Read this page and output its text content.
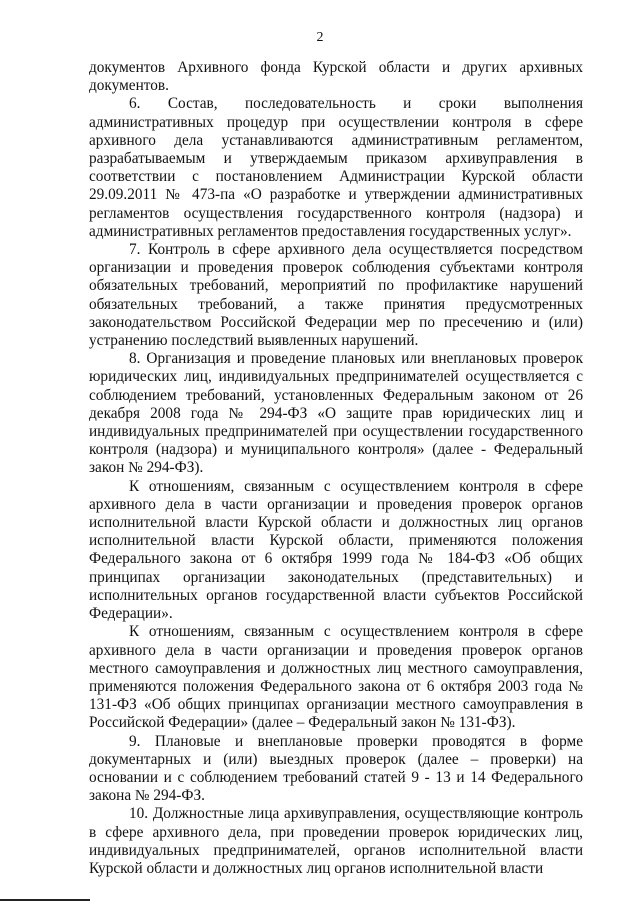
2

документов Архивного фонда Курской области и других архивных документов.

6. Состав, последовательность и сроки выполнения административных процедур при осуществлении контроля в сфере архивного дела устанавливаются административным регламентом, разрабатываемым и утверждаемым приказом архивуправления в соответствии с постановлением Администрации Курской области 29.09.2011 № 473-па «О разработке и утверждении административных регламентов осуществления государственного контроля (надзора) и административных регламентов предоставления государственных услуг».

7. Контроль в сфере архивного дела осуществляется посредством организации и проведения проверок соблюдения субъектами контроля обязательных требований, мероприятий по профилактике нарушений обязательных требований, а также принятия предусмотренных законодательством Российской Федерации мер по пресечению и (или) устранению последствий выявленных нарушений.

8. Организация и проведение плановых или внеплановых проверок юридических лиц, индивидуальных предпринимателей осуществляется с соблюдением требований, установленных Федеральным законом от 26 декабря 2008 года № 294-ФЗ «О защите прав юридических лиц и индивидуальных предпринимателей при осуществлении государственного контроля (надзора) и муниципального контроля» (далее - Федеральный закон № 294-ФЗ).

К отношениям, связанным с осуществлением контроля в сфере архивного дела в части организации и проведения проверок органов исполнительной власти Курской области и должностных лиц органов исполнительной власти Курской области, применяются положения Федерального закона от 6 октября 1999 года № 184-ФЗ «Об общих принципах организации законодательных (представительных) и исполнительных органов государственной власти субъектов Российской Федерации».

К отношениям, связанным с осуществлением контроля в сфере архивного дела в части организации и проведения проверок органов местного самоуправления и должностных лиц местного самоуправления, применяются положения Федерального закона от 6 октября 2003 года № 131-ФЗ «Об общих принципах организации местного самоуправления в Российской Федерации» (далее – Федеральный закон № 131-ФЗ).

9. Плановые и внеплановые проверки проводятся в форме документарных и (или) выездных проверок (далее – проверки) на основании и с соблюдением требований статей 9 - 13 и 14 Федерального закона № 294-ФЗ.

10. Должностные лица архивуправления, осуществляющие контроль в сфере архивного дела, при проведении проверок юридических лиц, индивидуальных предпринимателей, органов исполнительной власти Курской области и должностных лиц органов исполнительной власти
